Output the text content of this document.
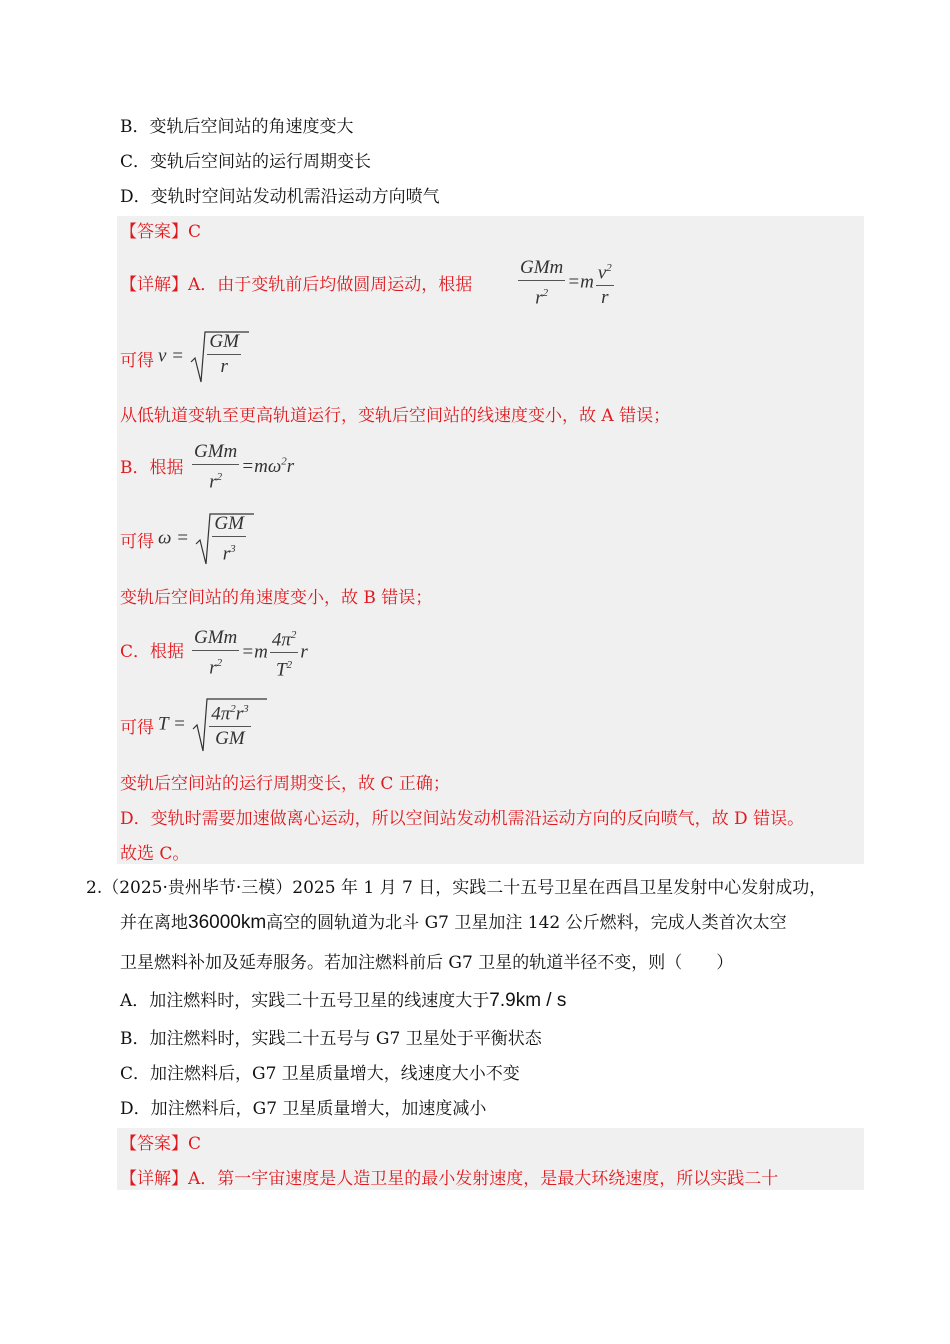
B．变轨后空间站的角速度变大
C．变轨后空间站的运行周期变长
D．变轨时空间站发动机需沿运动方向喷气
【答案】C
【详解】A．由于变轨前后均做圆周运动，根据 $\frac{\text{GMm}}{r^2} =m \frac{v^2}{r}$
可得 $v = \frac{GM}{r}$
从低轨道变轨至更高轨道运行，变轨后空间站的线速度变小，故 A 错误；
B．根据 $\frac{\text{GMm}}{r^2} =m\omega^2r$
可得 $\omega = \frac{GM}{r^3}$
变轨后空间站的角速度变小，故 B 错误；
C．根据 $\frac{\text{GMm}}{r^2} =m \frac{4\pi^2}{T^2}$ r
可得 $T = \frac{4\pi^2r^3}{GM}$
变轨后空间站的运行周期变长，故 C 正确；
D．变轨时需要加速做离心运动，所以空间站发动机需沿运动方向的反向喷气，故 D 错误。
故选 C。
2.（2025·贵州毕节·三模）2025 年 1 月 7 日，实践二十五号卫星在西昌卫星发射中心发射成功，
并在离地36000km高空的圆轨道为北斗 G7 卫星加注 142 公斤燃料，完成人类首次太空
卫星燃料补加及延寿服务。若加注燃料前后 G7 卫星的轨道半径不变，则（　　）
A．加注燃料时，实践二十五号卫星的线速度大于7.9km / s
B．加注燃料时，实践二十五号与 G7 卫星处于平衡状态
C．加注燃料后，G7 卫星质量增大，线速度大小不变
D．加注燃料后，G7 卫星质量增大，加速度减小
【答案】C
【详解】A．第一宇宙速度是人造卫星的最小发射速度，是最大环绕速度，所以实践二十
